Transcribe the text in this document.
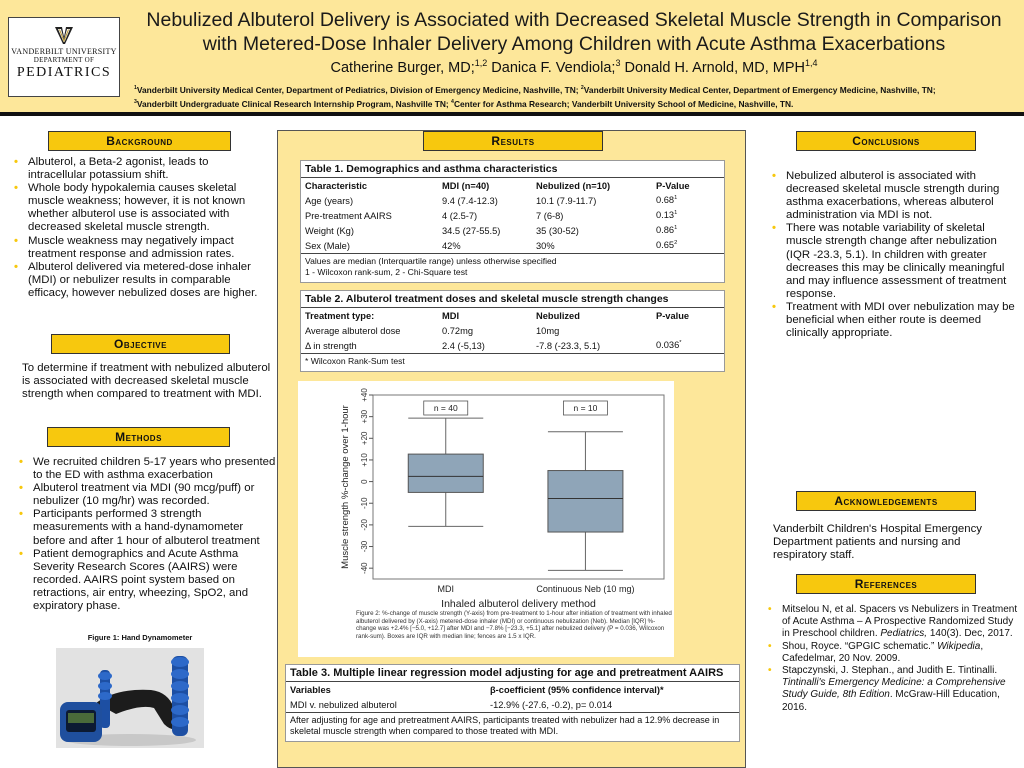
VANDERBILT UNIVERSITY
DEPARTMENT OF
PEDIATRICS
Nebulized Albuterol Delivery is Associated with Decreased Skeletal Muscle Strength in Comparison
with Metered-Dose Inhaler Delivery Among Children with Acute Asthma Exacerbations
Catherine Burger, MD;$^{1,2}$ Danica F. Vendiola;$^3$ Donald H. Arnold, MD, MPH$^{1,4}$
$^1$Vanderbilt University Medical Center, Department of Pediatrics, Division of Emergency Medicine, Nashville, TN; $^2$Vanderbilt University Medical Center, Department of Emergency Medicine, Nashville, TN;
$^3$Vanderbilt Undergraduate Clinical Research Internship Program, Nashville TN; $^4$Center for Asthma Research; Vanderbilt University School of Medicine, Nashville, TN.
Background
• Albuterol, a Beta-2 agonist, leads to intracellular potassium shift.
• Whole body hypokalemia causes skeletal muscle weakness; however, it is not known whether albuterol use is associated with decreased skeletal muscle strength.
• Muscle weakness may negatively impact treatment response and admission rates.
• Albuterol delivered via metered-dose inhaler (MDI) or nebulizer results in comparable efficacy, however nebulized doses are higher.
Objective
To determine if treatment with nebulized albuterol is associated with decreased skeletal muscle strength when compared to treatment with MDI.
Methods
• We recruited children 5-17 years who presented to the ED with asthma exacerbation
• Albuterol treatment via MDI (90 mcg/puff) or nebulizer (10 mg/hr) was recorded.
• Participants performed 3 strength measurements with a hand-dynamometer before and after 1 hour of albuterol treatment
• Patient demographics and Acute Asthma Severity Research Scores (AAIRS) were recorded. AAIRS point system based on retractions, air entry, wheezing, SpO2, and expiratory phase.
Figure 1: Hand Dynamometer
Results
Table 1. Demographics and asthma characteristics
Characteristic	MDI (n=40)	Nebulized (n=10)	P-Value
Age (years)	9.4 (7.4-12.3)	10.1 (7.9-11.7)	0.68$^1$
Pre-treatment AAIRS	4 (2.5-7)	7 (6-8)	0.13$^1$
Weight (Kg)	34.5 (27-55.5)	35 (30-52)	0.86$^1$
Sex (Male)	42%	30%	0.65$^2$
Values are median (Interquartile range) unless otherwise specified
1 - Wilcoxon rank-sum, 2 - Chi-Square test
Table 2. Albuterol treatment doses and skeletal muscle strength changes
Treatment type:	MDI	Nebulized	P-value
Average albuterol dose	0.72mg	10mg	
Δ in strength	2.4 (-5,13)	-7.8 (-23.3, 5.1)	0.036*
* Wilcoxon Rank-Sum test
+40
+30
+20
+10
0
-10
-20
-30
-40
Muscle strength %-change over 1-hour	n = 40
MDI
n = 10
Continuous Neb (10 mg)
Inhaled albuterol delivery method
Figure 2: %-change of muscle strength (Y-axis) from pre-treatment to 1-hour after initiation of treatment with inhaled albuterol delivered by (X-axis) metered-dose inhaler (MDI) or continuous nebulization (Neb). Median [IQR] %-change was +2.4% [−5.0, +12.7] after MDI and −7.8% [−23.3, +5.1] after nebulized delivery (P = 0.036, Wilcoxon rank-sum). Boxes are IQR with median line; fences are 1.5 x IQR.
Table 3. Multiple linear regression model adjusting for age and pretreatment AAIRS
Variables	β-coefficient (95% confidence interval)*
MDI v. nebulized albuterol	-12.9% (-27.6, -0.2), p= 0.014
After adjusting for age and pretreatment AAIRS, participants treated with nebulizer had a 12.9% decrease in skeletal muscle strength when compared to those treated with MDI.
Conclusions
• Nebulized albuterol is associated with decreased skeletal muscle strength during asthma exacerbations, whereas albuterol administration via MDI is not.
• There was notable variability of skeletal muscle strength change after nebulization (IQR -23.3, 5.1). In children with greater decreases this may be clinically meaningful and may influence assessment of treatment response.
• Treatment with MDI over nebulization may be beneficial when either route is deemed clinically appropriate.
Acknowledgements
Vanderbilt Children's Hospital Emergency Department patients and nursing and respiratory staff.
References
• Mitselou N, et al. Spacers vs Nebulizers in Treatment of Acute Asthma – A Prospective Randomized Study in Preschool children. Pediatrics, 140(3). Dec, 2017.
• Shou, Royce. “GPGIC schematic.” Wikipedia, Cafedelmar, 20 Nov. 2009.
• Stapczynski, J. Stephan., and Judith E. Tintinalli. Tintinalli's Emergency Medicine: a Comprehensive Study Guide, 8th Edition. McGraw-Hill Education, 2016.
